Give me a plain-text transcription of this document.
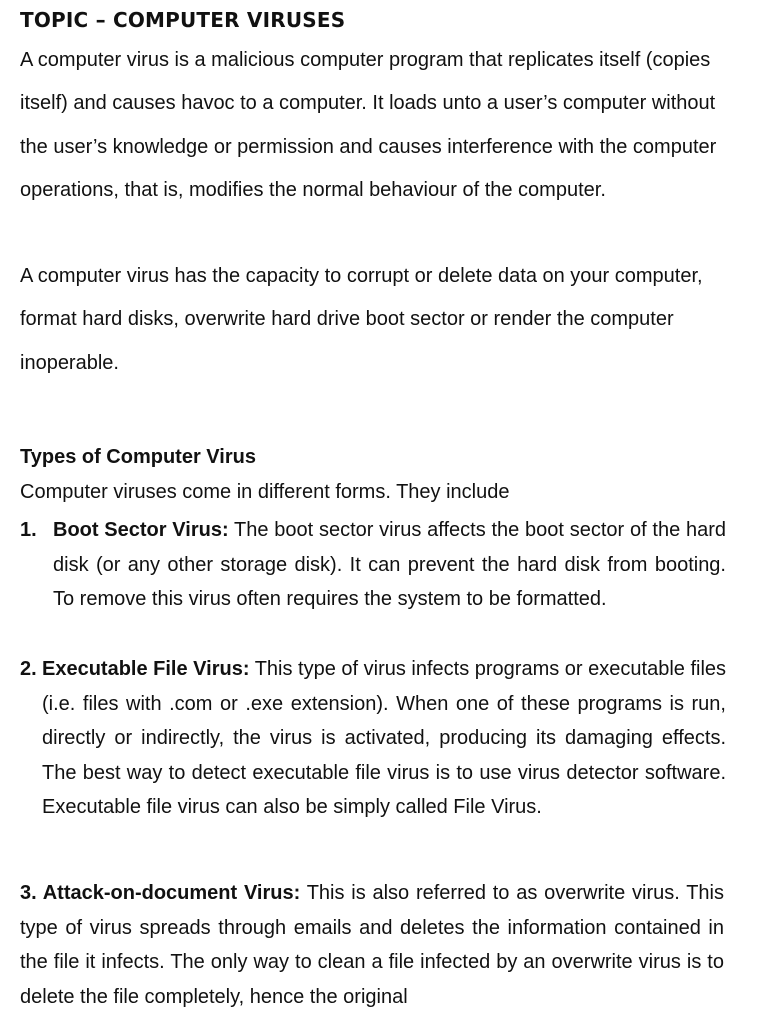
TOPIC – COMPUTER VIRUSES

A computer virus is a malicious computer program that replicates itself (copies itself) and causes havoc to a computer. It loads unto a user’s computer without the user’s knowledge or permission and causes interference with the computer operations, that is, modifies the normal behaviour of the computer.

A computer virus has the capacity to corrupt or delete data on your computer, format hard disks, overwrite hard drive boot sector or render the computer inoperable.

Types of Computer Virus

Computer viruses come in different forms. They include

1. Boot Sector Virus: The boot sector virus affects the boot sector of the hard disk (or any other storage disk). It can prevent the hard disk from booting. To remove this virus often requires the system to be formatted.

2. Executable File Virus: This type of virus infects programs or executable files (i.e. files with .com or .exe extension). When one of these programs is run, directly or indirectly, the virus is activated, producing its damaging effects. The best way to detect executable file virus is to use virus detector software. Executable file virus can also be simply called File Virus.

3. Attack-on-document Virus: This is also referred to as overwrite virus. This type of virus spreads through emails and deletes the information contained in the file it infects. The only way to clean a file infected by an overwrite virus is to delete the file completely, hence the original
